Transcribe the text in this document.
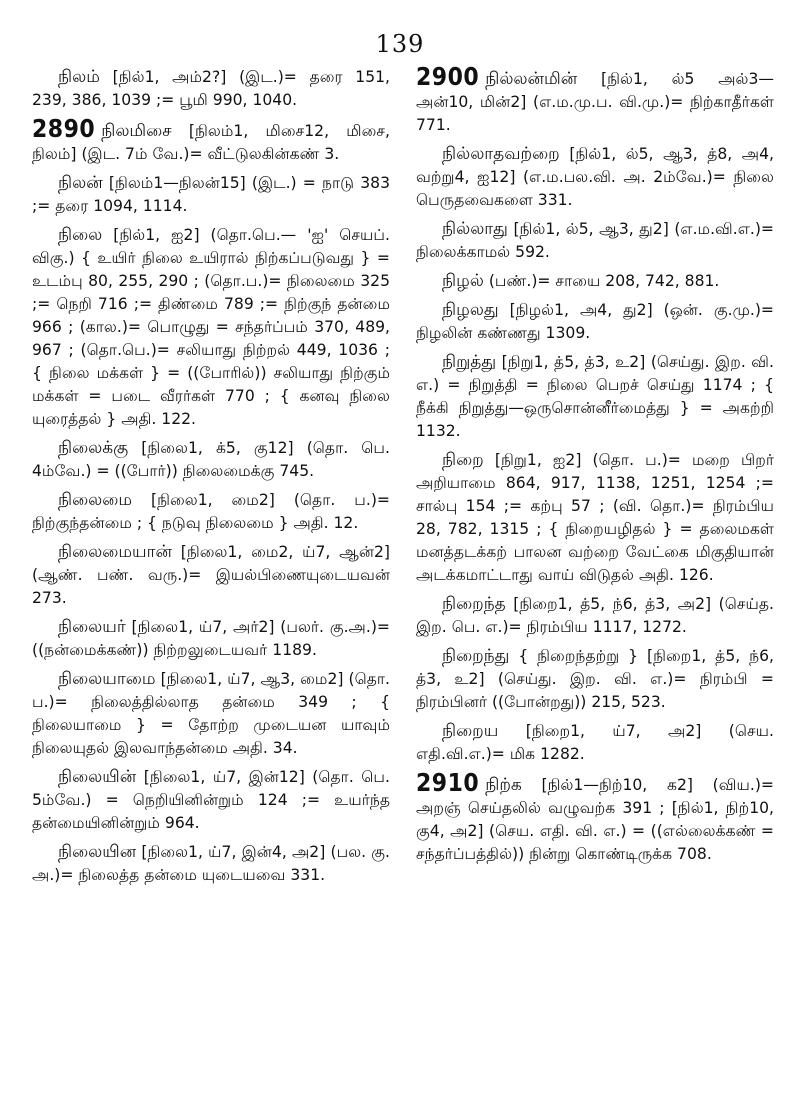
139

நிலம் [நில்1, அம்2?] (இட.)= தரை 151, 239, 386, 1039 ;= பூமி 990, 1040.

2890 நிலமிசை [நிலம்1, மிசை12, மிசை, நிலம்] (இட. 7ம் வே.)= வீட்டுலகின்கண் 3.

நிலன் [நிலம்1—நிலன்15] (இட.) = நாடு 383 ;= தரை 1094, 1114.

நிலை [நில்1, ஐ2] (தொ.பெ.— 'ஐ' செயப். விகு.) { உயிர் நிலை உயிரால் நிற்கப்படுவது } = உடம்பு 80, 255, 290 ; (தொ.ப.)= நிலைமை 325 ;= நெறி 716 ;= திண்மை 789 ;= நிற்குந் தன்மை 966 ; (கால.)= பொழுது = சந்தர்ப்பம் 370, 489, 967 ; (தொ.பெ.)= சலியாது நிற்றல் 449, 1036 ; { நிலை மக்கள் } = ((போரில்)) சலியாது நிற்கும் மக்கள் = படை வீரர்கள் 770 ; { கனவு நிலை யுரைத்தல் } அதி. 122.

நிலைக்கு [நிலை1, க்5, கு12] (தொ. பெ. 4ம்வே.) = ((போர்)) நிலைமைக்கு 745.

நிலைமை [நிலை1, மை2] (தொ. ப.)= நிற்குந்தன்மை ; { நடுவு நிலைமை } அதி. 12.

நிலைமையான் [நிலை1, மை2, ய்7, ஆன்2] (ஆண். பண். வரு.)= இயல்பிணையுடையவன் 273.

நிலையர் [நிலை1, ய்7, அர்2] (பலர். கு.அ.)= ((நன்மைக்கண்)) நிற்றலுடையவர் 1189.

நிலையாமை [நிலை1, ய்7, ஆ3, மை2] (தொ. ப.)= நிலைத்தில்லாத தன்மை 349 ; { நிலையாமை } = தோற்ற முடையன யாவும் நிலையுதல் இலவாந்தன்மை அதி. 34.

நிலையின் [நிலை1, ய்7, இன்12] (தொ. பெ. 5ம்வே.) = நெறியினின்றும் 124 ;= உயர்ந்த தன்மையினின்றும் 964.

நிலையின [நிலை1, ய்7, இன்4, அ2] (பல. கு. அ.)= நிலைத்த தன்மை யுடையவை 331.

2900 நில்லன்மின் [நில்1, ல்5 அல்3—அன்10, மின்2] (எ.ம.மு.ப. வி.மு.)= நிற்காதீர்கள் 771.

நில்லாதவற்றை [நில்1, ல்5, ஆ3, த்8, அ4, வற்று4, ஐ12] (எ.ம.பல.வி. அ. 2ம்வே.)= நிலை பெருதவைகளை 331.

நில்லாது [நில்1, ல்5, ஆ3, து2] (எ.ம.வி.எ.)= நிலைக்காமல் 592.

நிழல் (பண்.)= சாயை 208, 742, 881.

நிழலது [நிழல்1, அ4, து2] (ஒன். கு.மு.)= நிழலின் கண்ணது 1309.

நிறுத்து [நிறு1, த்5, த்3, உ2] (செய்து. இற. வி. எ.) = நிறுத்தி = நிலை பெறச் செய்து 1174 ; { நீக்கி நிறுத்து—ஒருசொன்னீர்மைத்து } = அகற்றி 1132.

நிறை [நிறு1, ஐ2] (தொ. ப.)= மறை பிறர் அறியாமை 864, 917, 1138, 1251, 1254 ;= சால்பு 154 ;= கற்பு 57 ; (வி. தொ.)= நிரம்பிய 28, 782, 1315 ; { நிறையழிதல் } = தலைமகள் மனத்தடக்கற் பாலன வற்றை வேட்கை மிகுதியான் அடக்கமாட்டாது வாய் விடுதல் அதி. 126.

நிறைந்த [நிறை1, த்5, ந்6, த்3, அ2] (செய்த. இற. பெ. எ.)= நிரம்பிய 1117, 1272.

நிறைந்து { நிறைந்தற்று } [நிறை1, த்5, ந்6, த்3, உ2] (செய்து. இற. வி. எ.)= நிரம்பி = நிரம்பினர் ((போன்றது)) 215, 523.

நிறைய [நிறை1, ய்7, அ2] (செய. எதி.வி.எ.)= மிக 1282.

2910 நிற்க [நில்1—நிற்10, க2] (விய.)= அறஞ் செய்தலில் வழுவற்க 391 ; [நில்1, நிற்10, கு4, அ2] (செய. எதி. வி. எ.) = ((எல்லைக்கண் = சந்தர்ப்பத்தில்)) நின்று கொண்டிருக்க 708.
